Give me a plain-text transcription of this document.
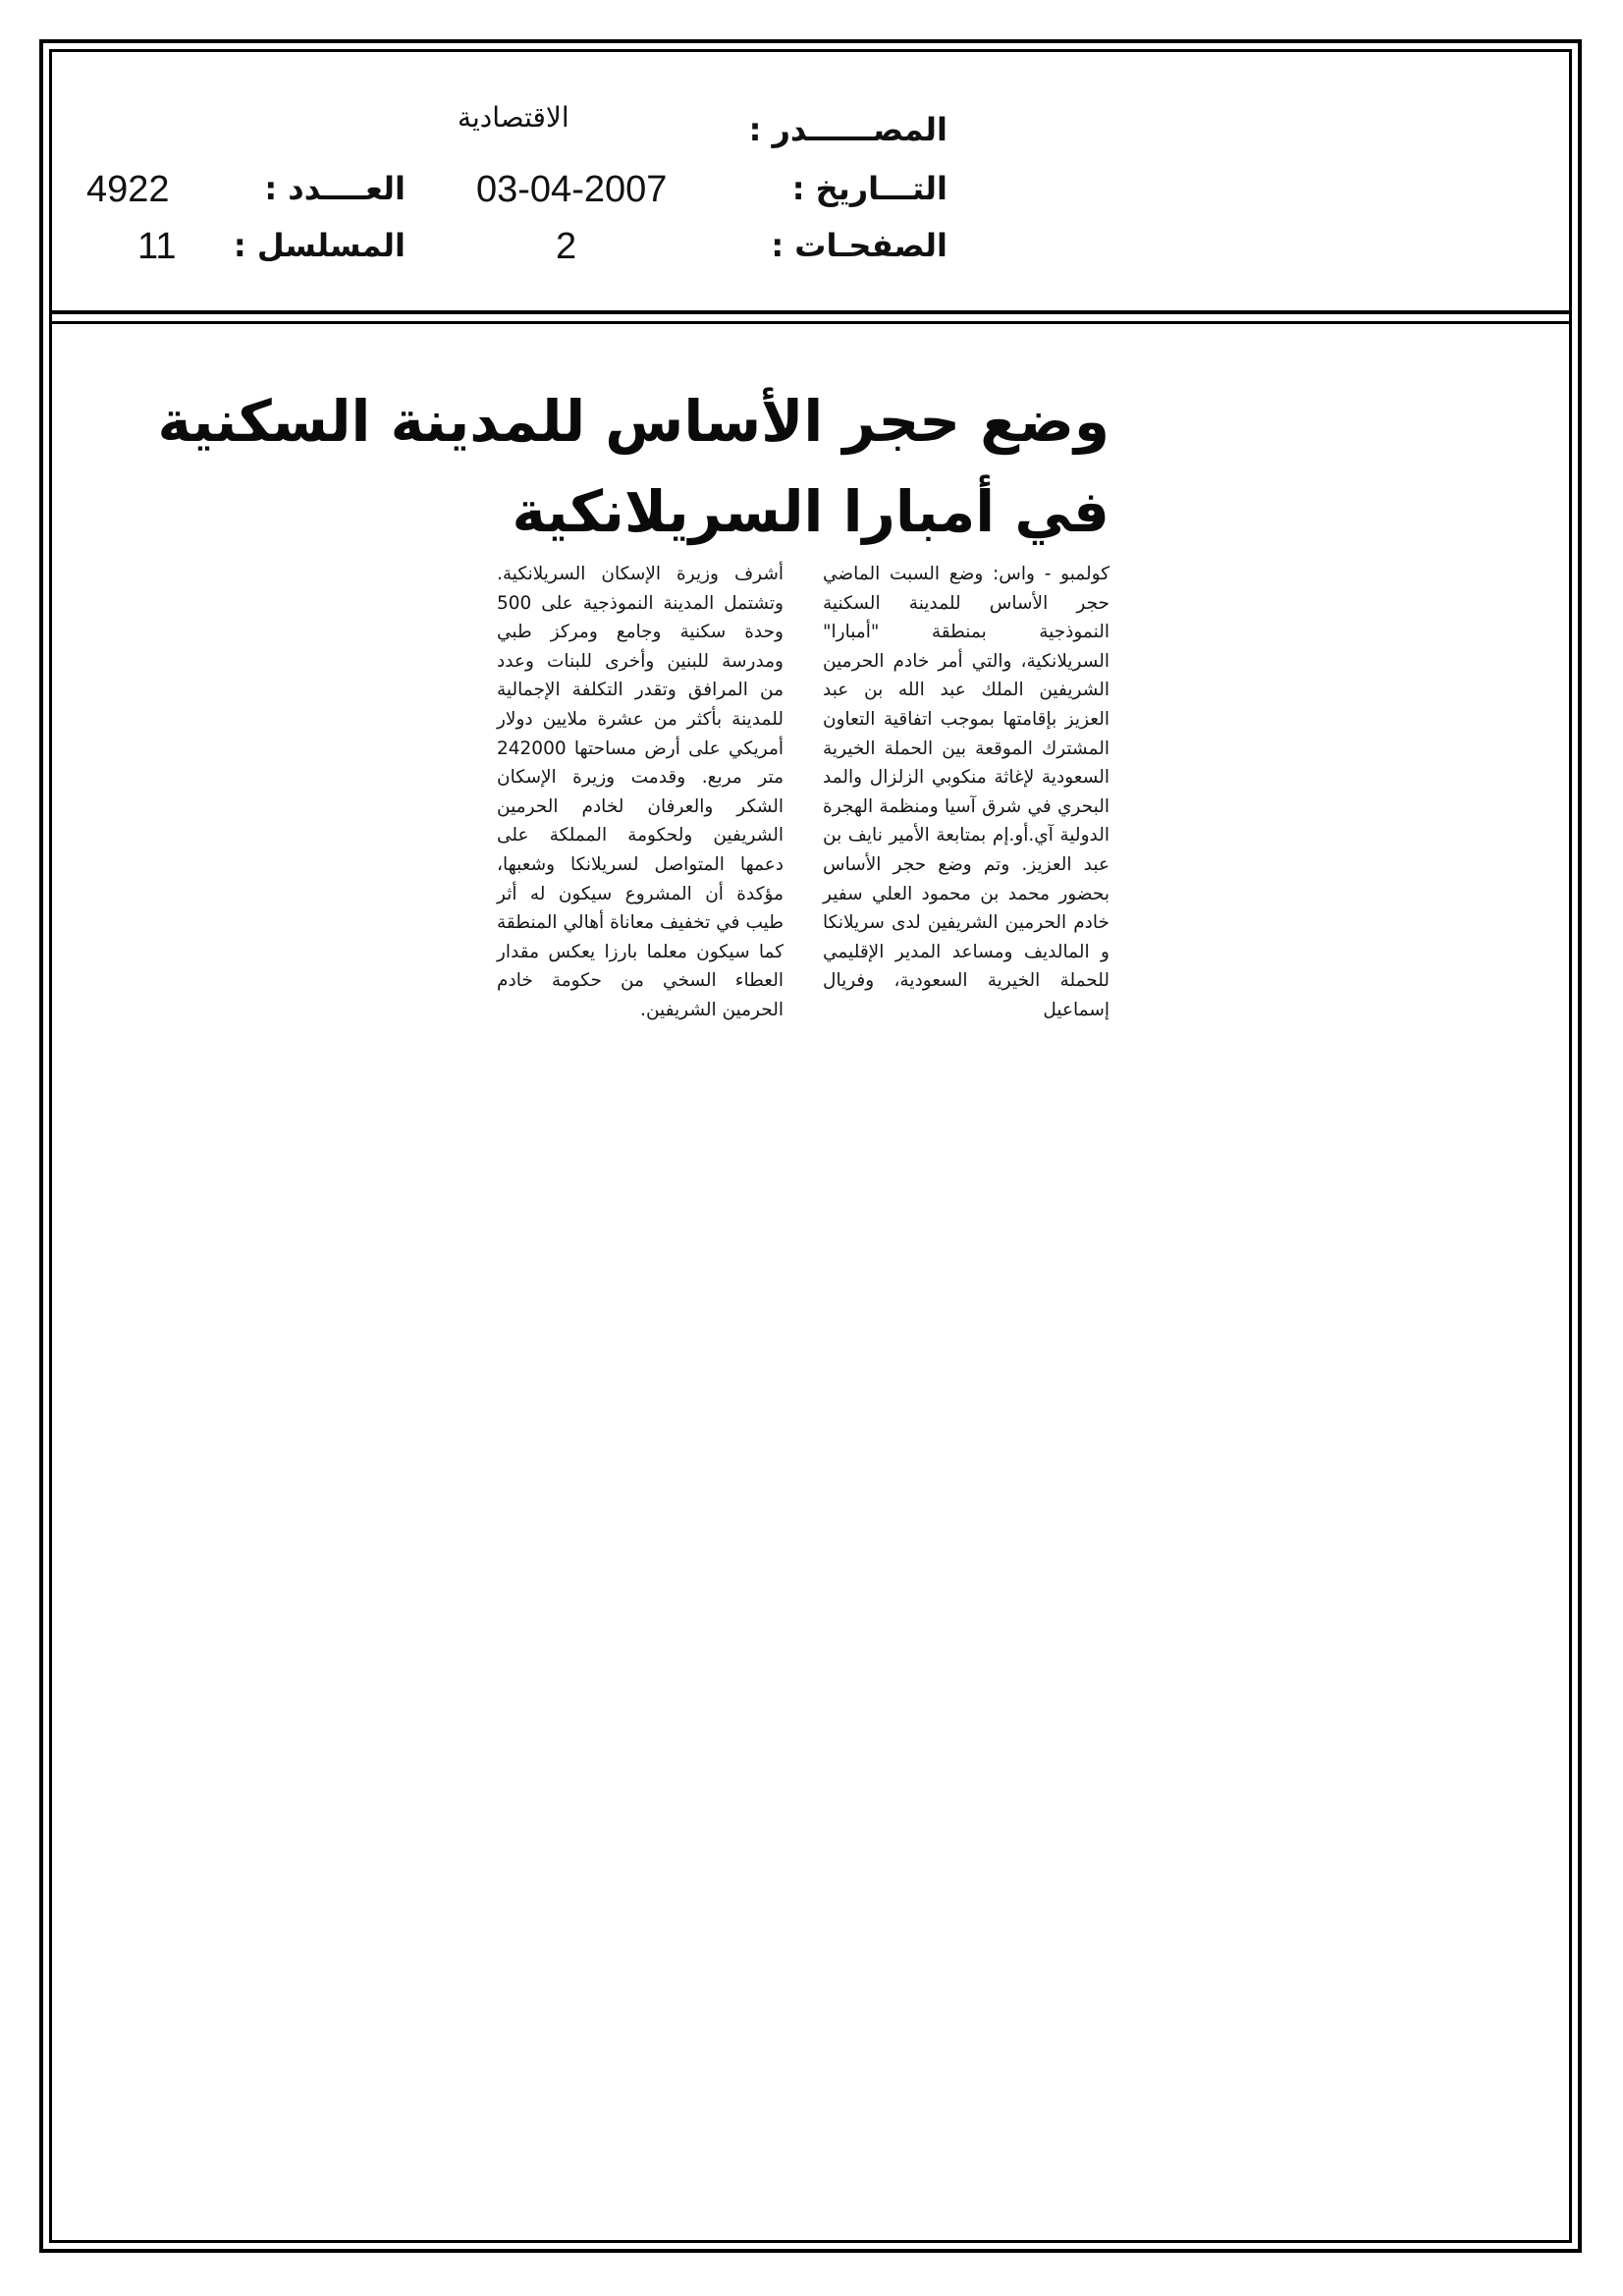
الاقتصادية	المصــــــدر :
4922	العــــدد : 03-04-2007	التـــاريخ :
11 المسلسل :	2	الصفحـات :
وضع حجر الأساس للمدينة السكنية
في أمبارا السريلانكية
كولمبو - واس: وضع السبت الماضي حجر الأساس للمدينة السكنية النموذجية بمنطقة "أمبارا" السريلانكية، والتي أمر خادم الحرمين الشريفين الملك عبد الله بن عبد العزيز بإقامتها بموجب اتفاقية التعاون المشترك الموقعة بين الحملة الخيرية السعودية لإغاثة منكوبي الزلزال والمد البحري في شرق آسيا ومنظمة الهجرة الدولية آي.أو.إم بمتابعة الأمير نايف بن عبد العزيز. وتم وضع حجر الأساس بحضور محمد بن محمود العلي سفير خادم الحرمين الشريفين لدى سريلانكا و المالديف ومساعد المدير الإقليمي للحملة الخيرية السعودية، وفريال إسماعيل
أشرف وزيرة الإسكان السريلانكية. وتشتمل المدينة النموذجية على 500 وحدة سكنية وجامع ومركز طبي ومدرسة للبنين وأخرى للبنات وعدد من المرافق وتقدر التكلفة الإجمالية للمدينة بأكثر من عشرة ملايين دولار أمريكي على أرض مساحتها 242000 متر مربع. وقدمت وزيرة الإسكان الشكر والعرفان لخادم الحرمين الشريفين ولحكومة المملكة على دعمها المتواصل لسريلانكا وشعبها، مؤكدة أن المشروع سيكون له أثر طيب في تخفيف معاناة أهالي المنطقة كما سيكون معلما بارزا يعكس مقدار العطاء السخي من حكومة خادم الحرمين الشريفين.
